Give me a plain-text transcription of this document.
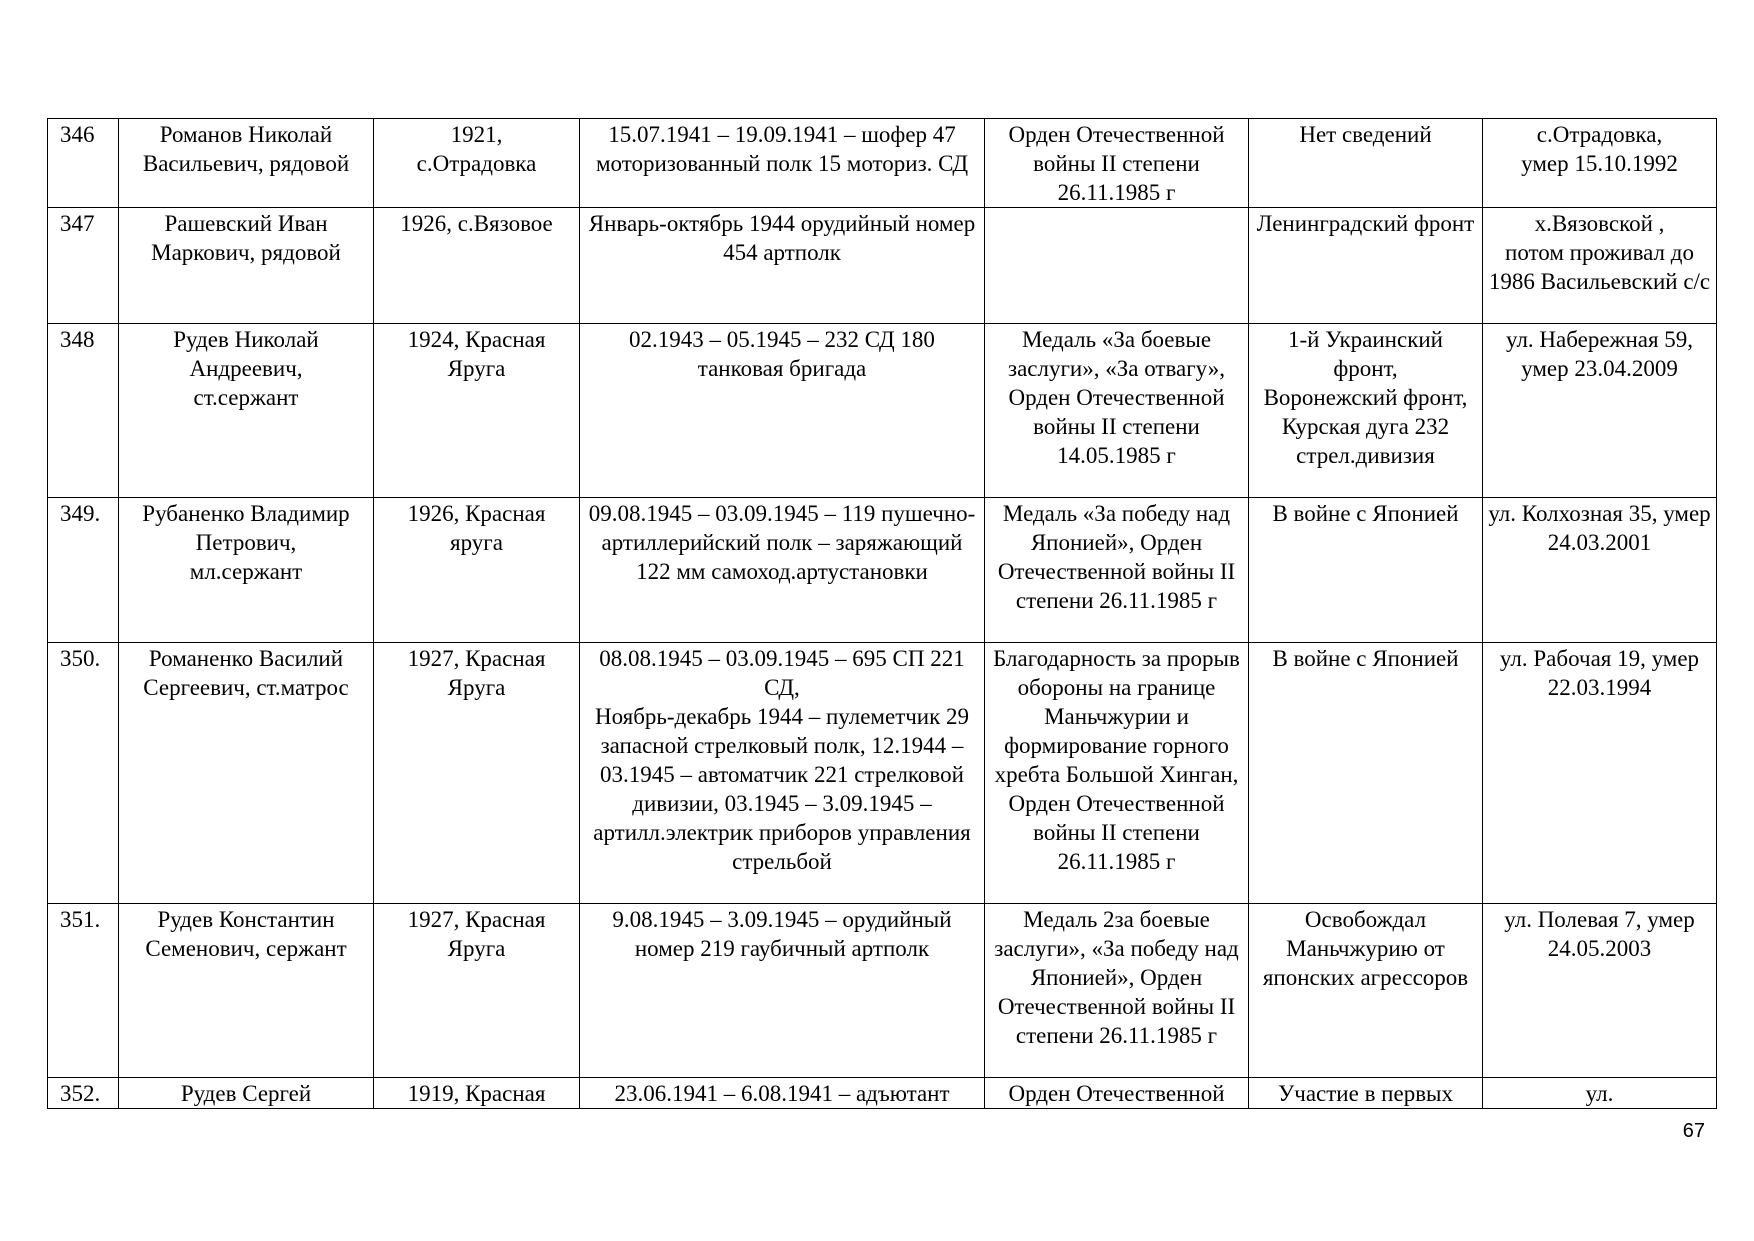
346	Романов Николай Васильевич, рядовой	1921,
с.Отрадовка	15.07.1941 – 19.09.1941 – шофер 47 моторизованный полк 15 моториз. СД	Орден Отечественной войны II степени 26.11.1985 г	Нет сведений	с.Отрадовка,
умер 15.10.1992
347	Рашевский Иван Маркович, рядовой	1926, с.Вязовое	Январь-октябрь 1944 орудийный номер 454 артполк		Ленинградский фронт	х.Вязовской ,
потом проживал до 1986 Васильевский с/с
348	Рудев Николай Андреевич,
ст.сержант	1924, Красная Яруга	02.1943 – 05.1945 – 232 СД 180 танковая бригада	Медаль «За боевые заслуги», «За отвагу», Орден Отечественной войны II степени 14.05.1985 г	1-й Украинский фронт,
Воронежский фронт, Курская дуга 232 стрел.дивизия	ул. Набережная 59, умер 23.04.2009
349.	Рубаненко Владимир Петрович,
мл.сержант	1926, Красная яруга	09.08.1945 – 03.09.1945 – 119 пушечно-артиллерийский полк – заряжающий 122 мм самоход.артустановки	Медаль «За победу над Японией», Орден Отечественной войны II степени 26.11.1985 г	В войне с Японией	ул. Колхозная 35, умер 24.03.2001
350.	Романенко Василий Сергеевич, ст.матрос	1927, Красная Яруга	08.08.1945 – 03.09.1945 – 695 СП 221 СД,
Ноябрь-декабрь 1944 – пулеметчик 29 запасной стрелковый полк, 12.1944 – 03.1945 – автоматчик 221 стрелковой дивизии, 03.1945 – 3.09.1945 – артилл.электрик приборов управления стрельбой	Благодарность за прорыв обороны на границе Маньчжурии и формирование горного хребта Большой Хинган, Орден Отечественной войны II степени 26.11.1985 г	В войне с Японией	ул. Рабочая 19, умер 22.03.1994
351.	Рудев Константин Семенович, сержант	1927, Красная Яруга	9.08.1945 – 3.09.1945 – орудийный номер 219 гаубичный артполк	Медаль 2за боевые заслуги», «За победу над Японией», Орден Отечественной войны II степени 26.11.1985 г	Освобождал Маньчжурию от японских агрессоров	ул. Полевая 7, умер 24.05.2003
352.	Рудев Сергей	1919, Красная	23.06.1941 – 6.08.1941 – адъютант	Орден Отечественной	Участие в первых	ул.
67
